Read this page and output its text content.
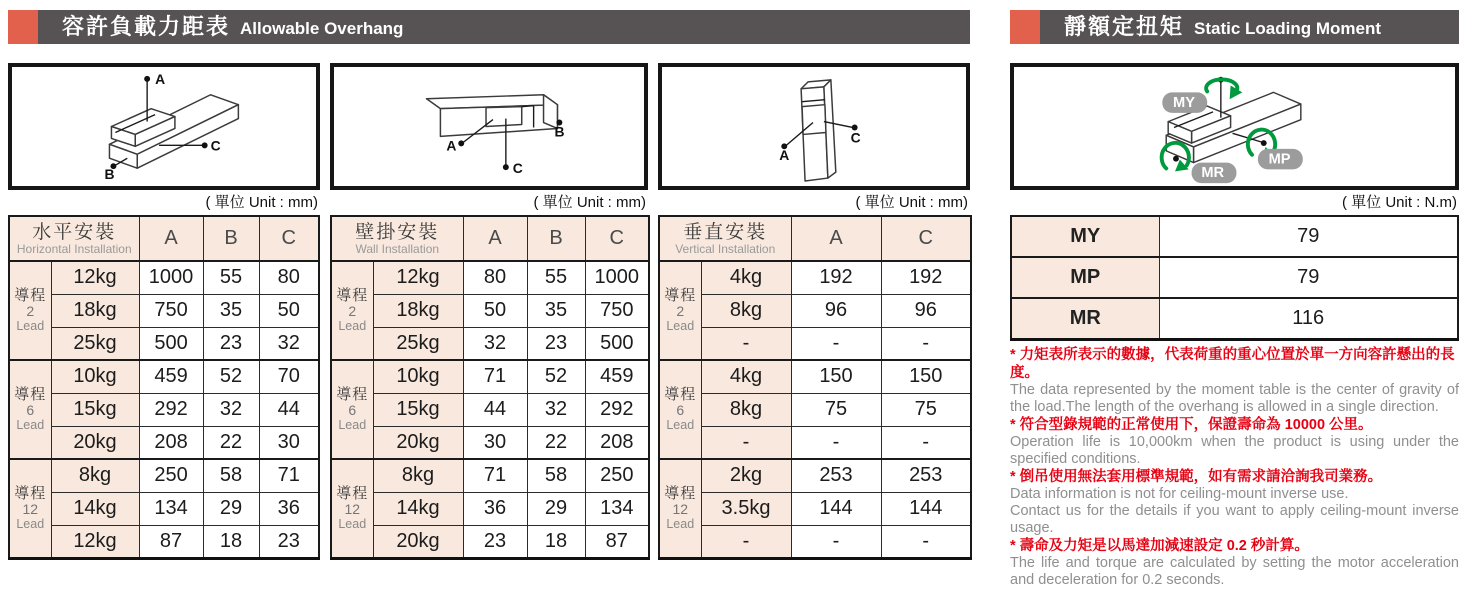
容許負載力距表 Allowable Overhang
A
B
C
( 單位 Unit : mm)
水平安裝
Horizontal Installation		A	B	C

導程
2
Lead	12kg	1000	55	80
	18kg	750	35	50
	25kg	500	23	32

導程
6
Lead	10kg	459	52	70
	15kg	292	32	44
	20kg	208	22	30

導程
12
Lead	8kg	250	58	71
	14kg	134	29	36
	12kg	87	18	23
A
B
C
( 單位 Unit : mm)
壁掛安裝
Wall Installation		A	B	C

導程
2
Lead	12kg	80	55	1000
	18kg	50	35	750
	25kg	32	23	500

導程
6
Lead	10kg	71	52	459
	15kg	44	32	292
	20kg	30	22	208

導程
12
Lead	8kg	71	58	250
	14kg	36	29	134
	20kg	23	18	87
A
C
( 單位 Unit : mm)
垂直安裝
Vertical Installation		A	C

導程
2
Lead	4kg	192	192
	8kg	96	96
	-	-	-

導程
6
Lead	4kg	150	150
	8kg	75	75
	-	-	-

導程
12
Lead	2kg	253	253
	3.5kg	144	144
	-	-	-
靜額定扭矩 Static Loading Moment
MY
MP
MR
( 單位 Unit : N.m)
MY	79
MP	79
MR	116
* 力矩表所表示的數據，代表荷重的重心位置於單一方向容許懸出的長度。
The data represented by the moment table is the center of gravity of the load.The length of the overhang is allowed in a single direction.
* 符合型錄規範的正常使用下，保證壽命為 10000 公里。
Operation life is 10,000km when the product is using under the specified conditions.
* 倒吊使用無法套用標準規範，如有需求請洽詢我司業務。
Data information is not for ceiling-mount inverse use.
Contact us for the details if you want to apply ceiling-mount inverse usage.
* 壽命及力矩是以馬達加減速設定 0.2 秒計算。
The life and torque are calculated by setting the motor acceleration and deceleration for 0.2 seconds.
